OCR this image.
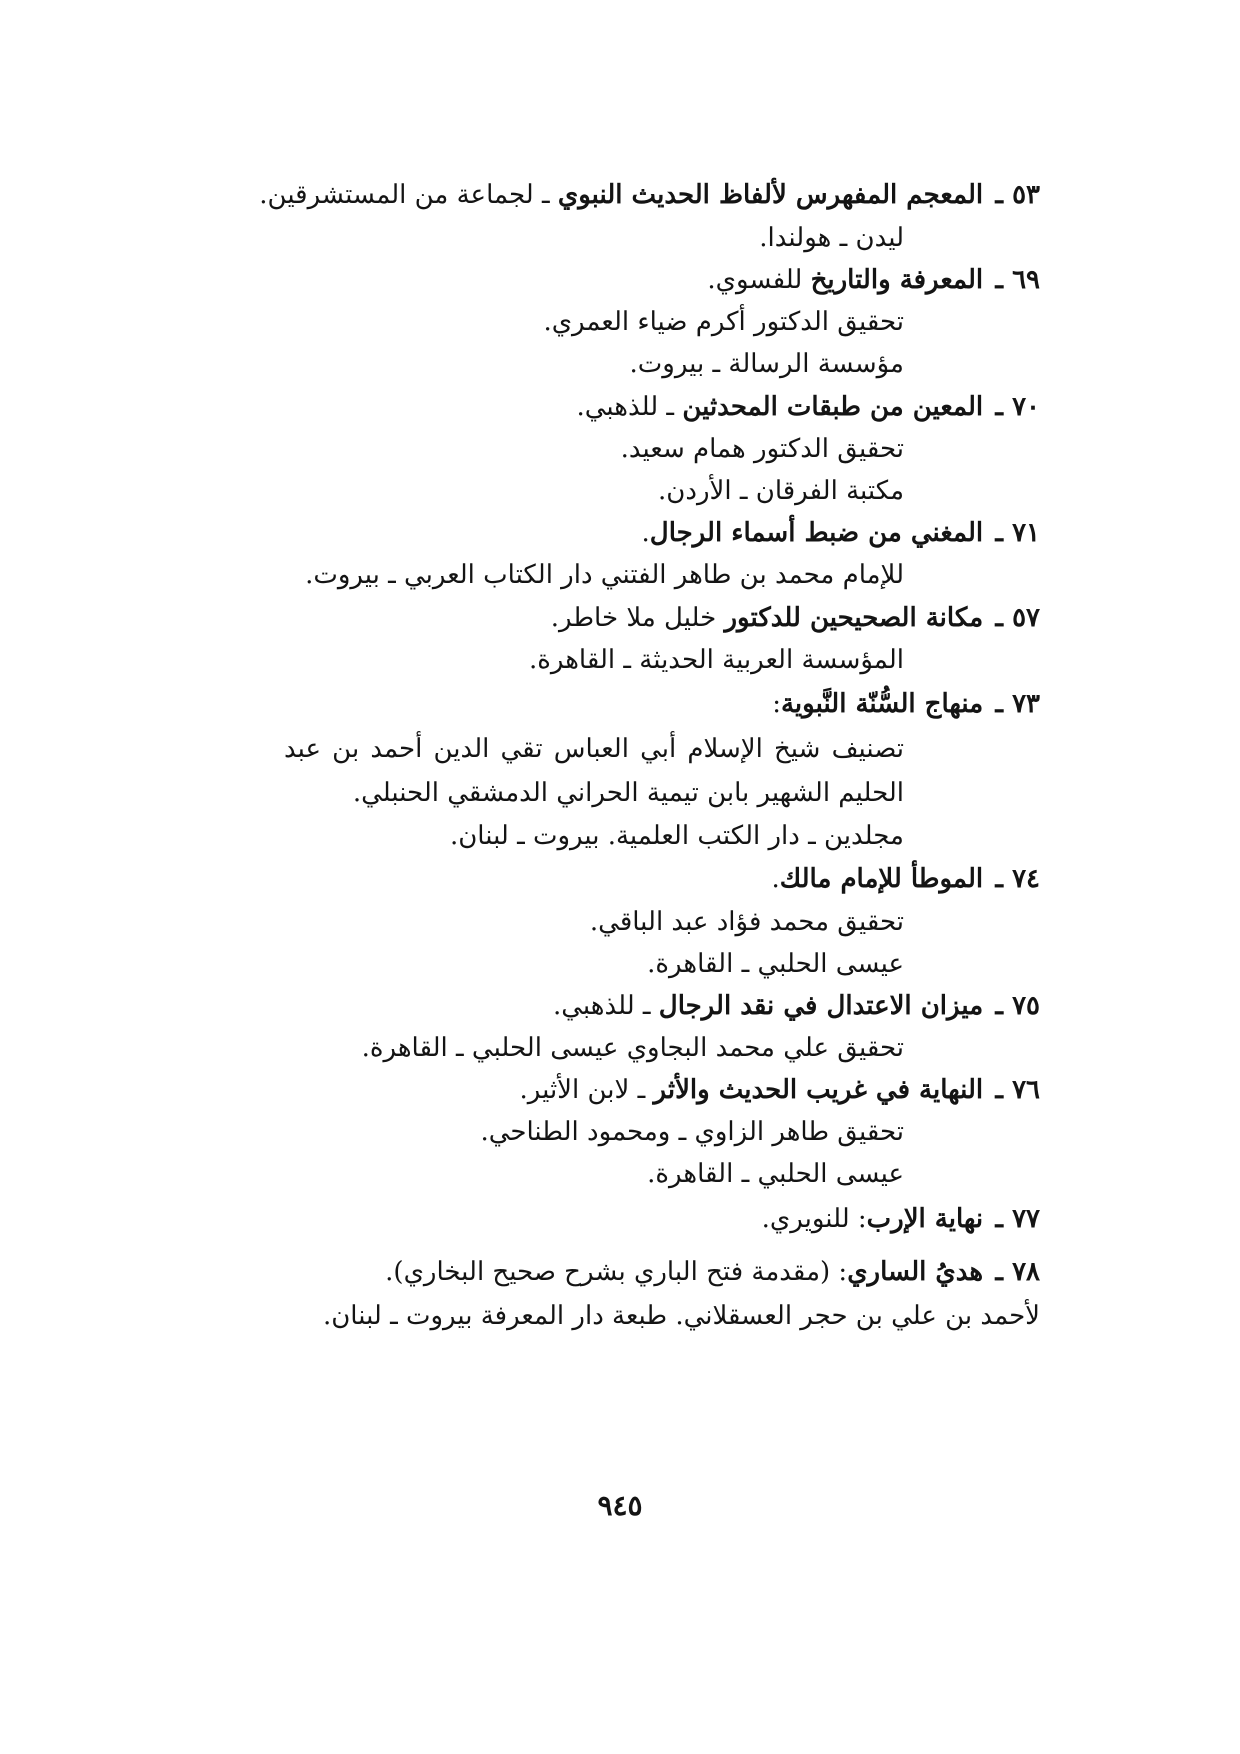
٥٣ ـ المعجم المفهرس لألفاظ الحديث النبوي ـ لجماعة من المستشرقين.

ليدن ـ هولندا.

٦٩ ـ المعرفة والتاريخ للفسوي.

تحقيق الدكتور أكرم ضياء العمري.

مؤسسة الرسالة ـ بيروت.

٧٠ ـ المعين من طبقات المحدثين ـ للذهبي.

تحقيق الدكتور همام سعيد.

مكتبة الفرقان ـ الأردن.

٧١ ـ المغني من ضبط أسماء الرجال.

للإمام محمد بن طاهر الفتني دار الكتاب العربي ـ بيروت.

٥٧ ـ مكانة الصحيحين للدكتور خليل ملا خاطر.

المؤسسة العربية الحديثة ـ القاهرة.

٧٣ ـ منهاج السُّنّة النَّبوية:

تصنيف شيخ الإسلام أبي العباس تقي الدين أحمد بن عبد

الحليم الشهير بابن تيمية الحراني الدمشقي الحنبلي.

مجلدين ـ دار الكتب العلمية. بيروت ـ لبنان.

٧٤ ـ الموطأ للإمام مالك.

تحقيق محمد فؤاد عبد الباقي.

عيسى الحلبي ـ القاهرة.

٧٥ ـ ميزان الاعتدال في نقد الرجال ـ للذهبي.

تحقيق علي محمد البجاوي عيسى الحلبي ـ القاهرة.

٧٦ ـ النهاية في غريب الحديث والأثر ـ لابن الأثير.

تحقيق طاهر الزاوي ـ ومحمود الطناحي.

عيسى الحلبي ـ القاهرة.

٧٧ ـ نهاية الإرب: للنويري.

٧٨ ـ هديُ الساري: (مقدمة فتح الباري بشرح صحيح البخاري).

لأحمد بن علي بن حجر العسقلاني. طبعة دار المعرفة بيروت ـ لبنان.

٩٤٥
